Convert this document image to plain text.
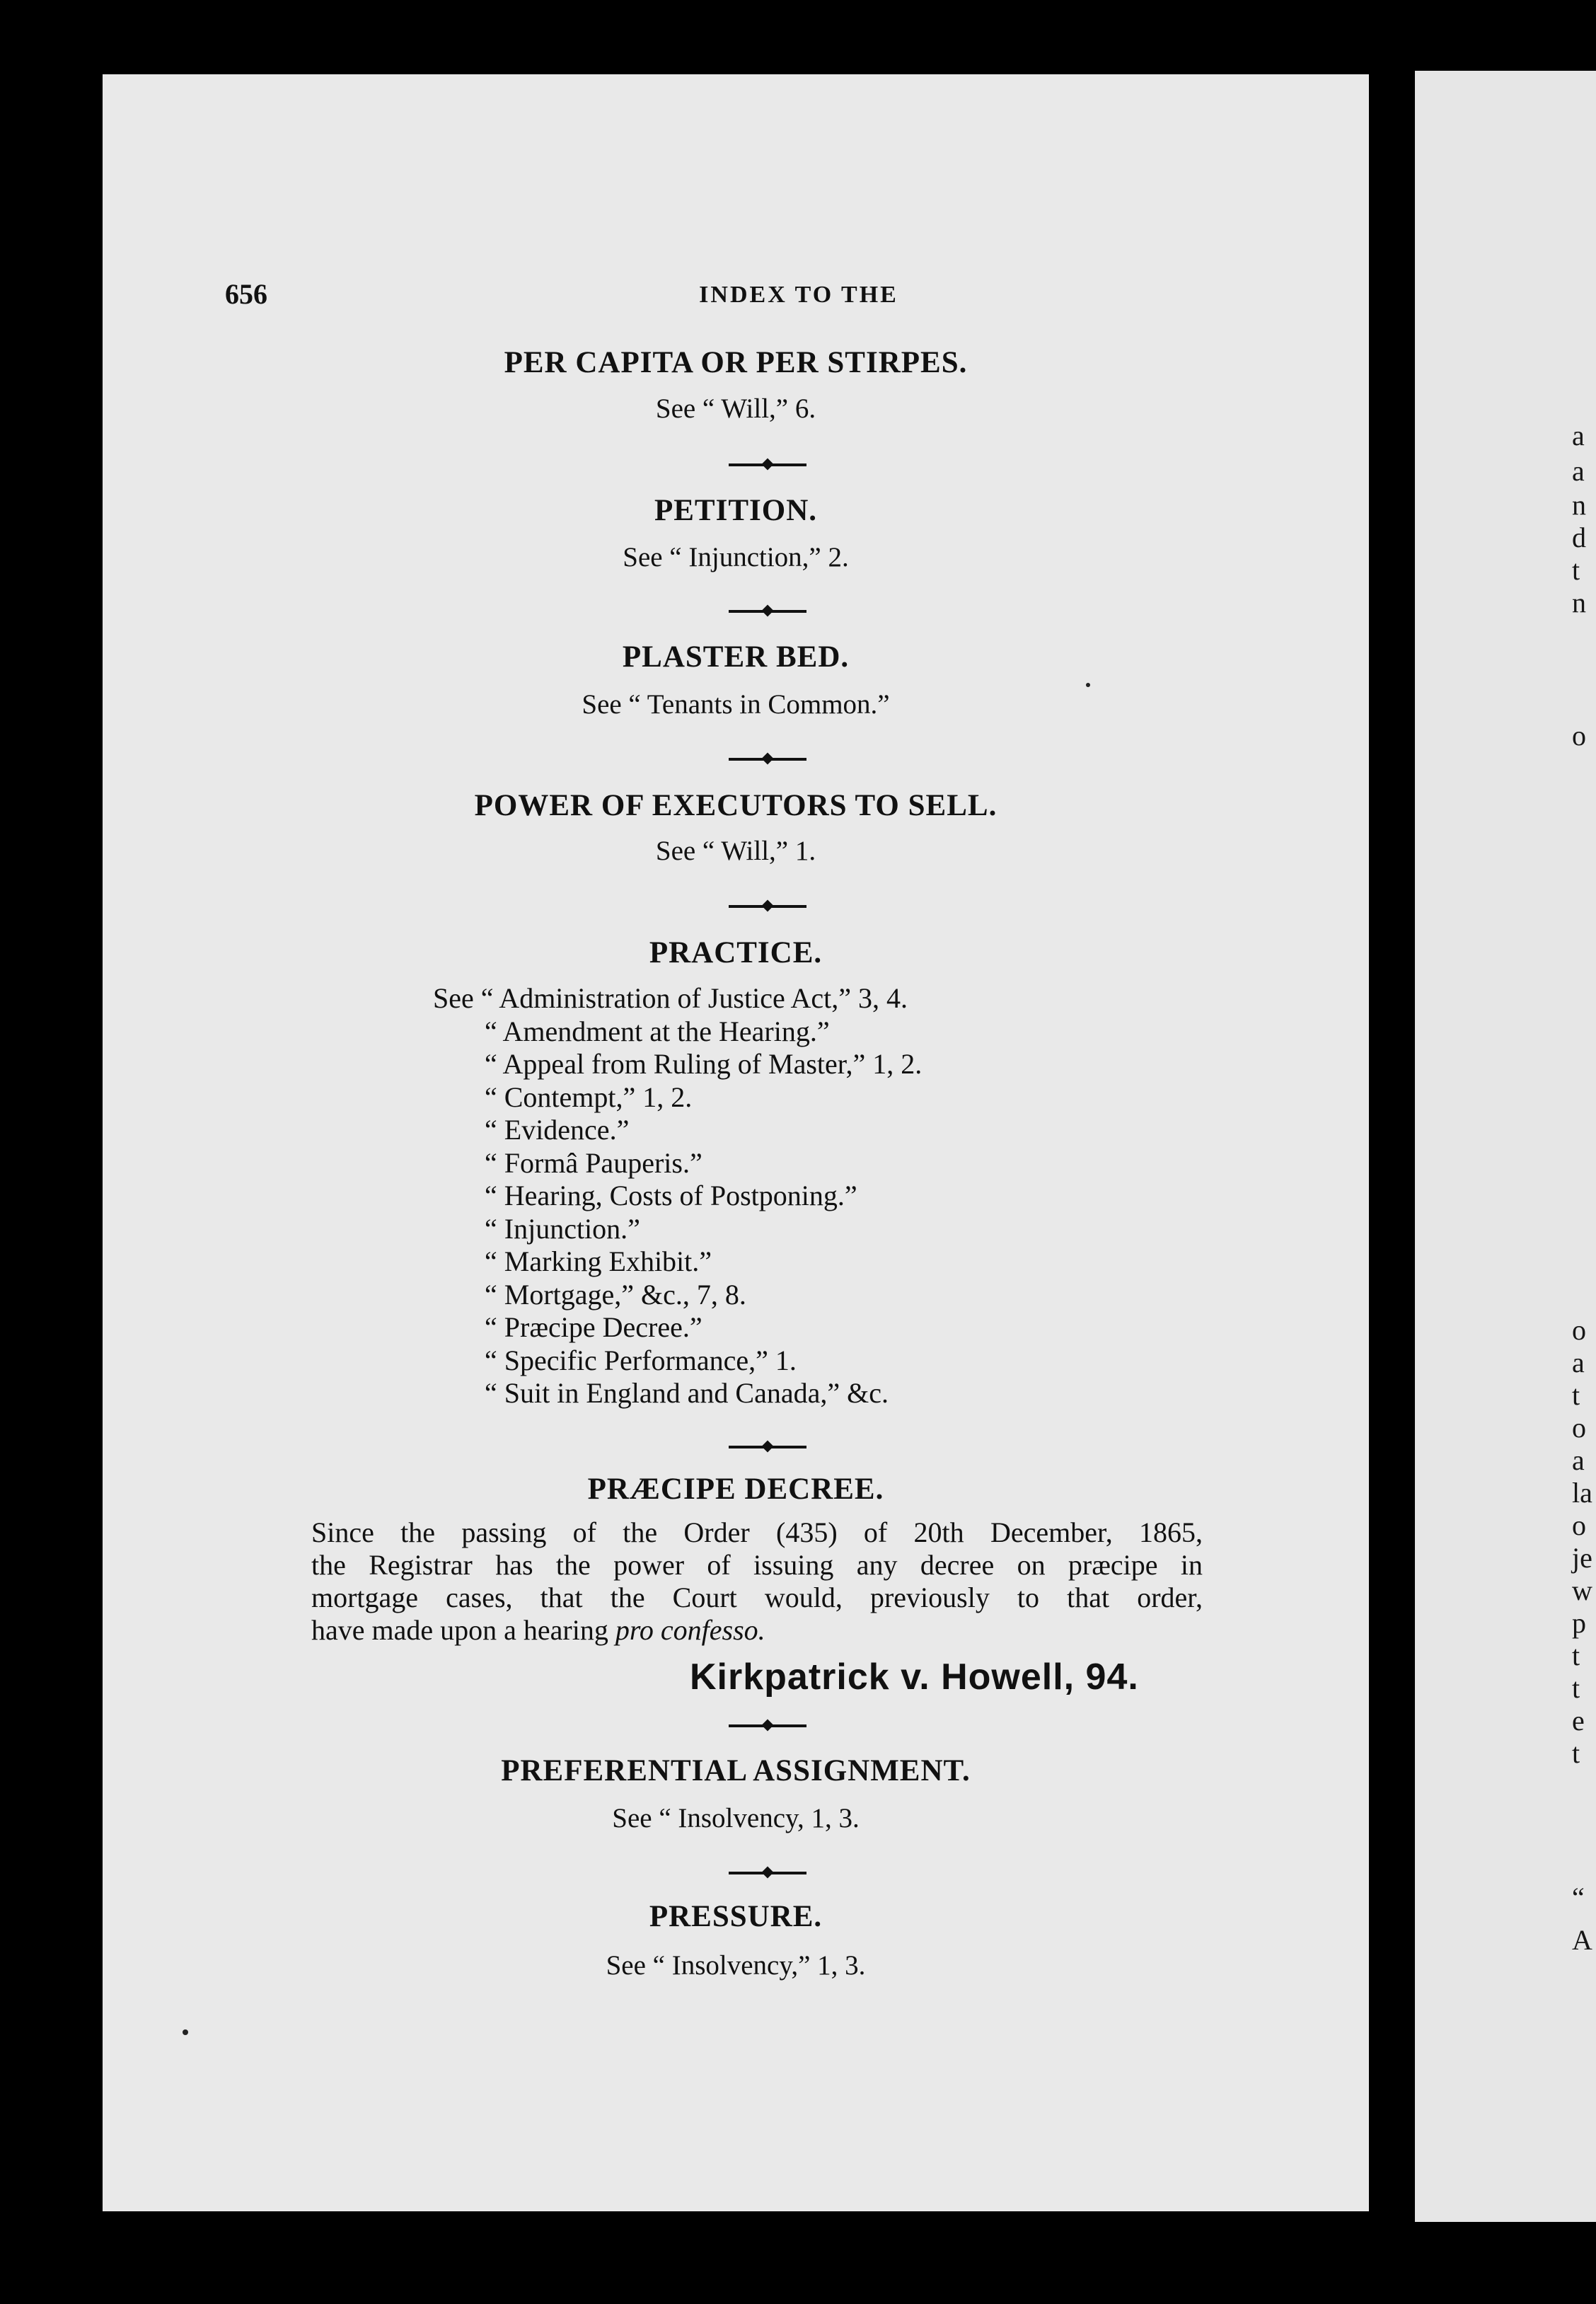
a
a
n
d
t
n
o
o
a
t
o
a
la
o
je
w
p
t
t
e
t
“
A
656	INDEX TO THE
PER CAPITA OR PER STIRPES.
See “ Will,” 6.
PETITION.
See “ Injunction,” 2.
PLASTER BED.
See “ Tenants in Common.”
POWER OF EXECUTORS TO SELL.
See “ Will,” 1.
PRACTICE.
See “ Administration of Justice Act,” 3, 4.
“ Amendment at the Hearing.”
“ Appeal from Ruling of Master,” 1, 2.
“ Contempt,” 1, 2.
“ Evidence.”
“ Formâ Pauperis.”
“ Hearing, Costs of Postponing.”
“ Injunction.”
“ Marking Exhibit.”
“ Mortgage,” &c., 7, 8.
“ Præcipe Decree.”
“ Specific Performance,” 1.
“ Suit in England and Canada,” &c.
PRÆCIPE DECREE.
Since the passing of the Order (435) of 20th December, 1865,
the Registrar has the power of issuing any decree on præcipe in
mortgage cases, that the Court would, previously to that order,
have made upon a hearing pro confesso.
Kirkpatrick v. Howell, 94.
PREFERENTIAL ASSIGNMENT.
See “ Insolvency, 1, 3.
PRESSURE.
See “ Insolvency,” 1, 3.
